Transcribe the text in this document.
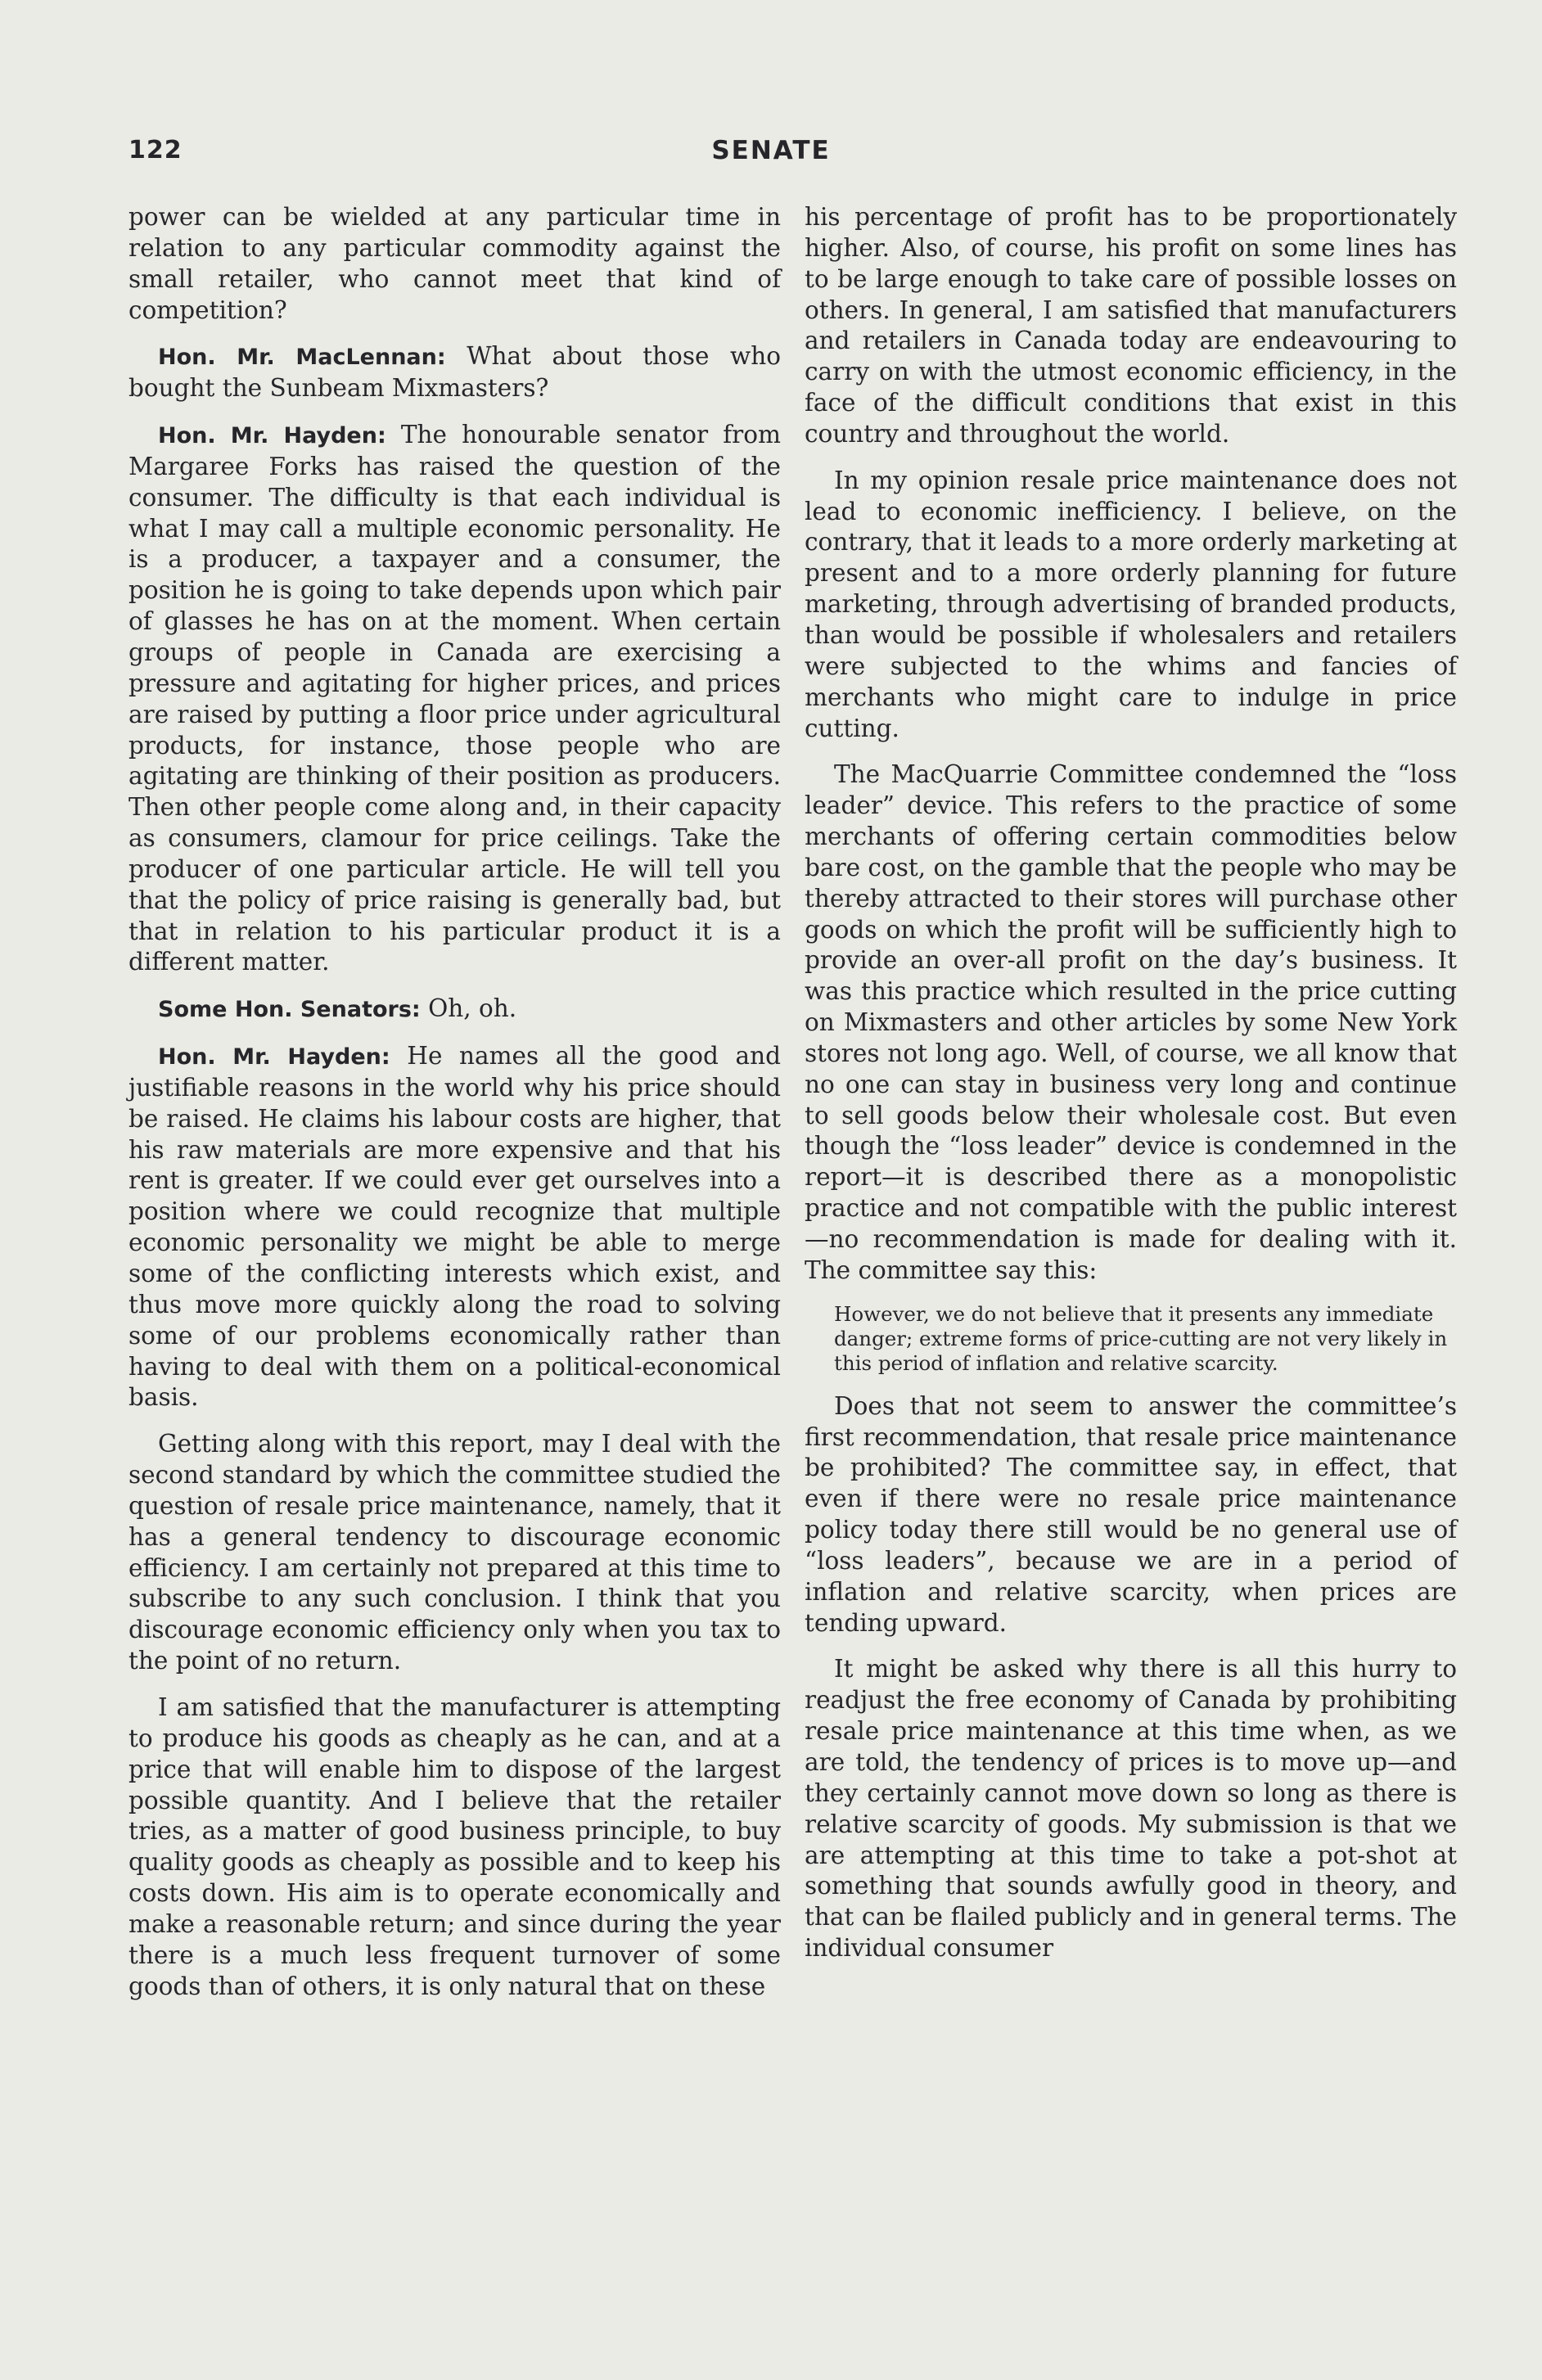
122	SENATE

power can be wielded at any particular time in relation to any particular commodity against the small retailer, who cannot meet that kind of competition?

Hon. Mr. MacLennan: What about those who bought the Sunbeam Mixmasters?

Hon. Mr. Hayden: The honourable senator from Margaree Forks has raised the question of the consumer. The difficulty is that each individual is what I may call a multiple economic personality. He is a producer, a taxpayer and a consumer, the position he is going to take depends upon which pair of glasses he has on at the moment. When certain groups of people in Canada are exercising a pressure and agitating for higher prices, and prices are raised by putting a floor price under agricultural products, for instance, those people who are agitating are thinking of their position as producers. Then other people come along and, in their capacity as consumers, clamour for price ceilings. Take the producer of one particular article. He will tell you that the policy of price raising is generally bad, but that in relation to his particular product it is a different matter.

Some Hon. Senators: Oh, oh.

Hon. Mr. Hayden: He names all the good and justifiable reasons in the world why his price should be raised. He claims his labour costs are higher, that his raw materials are more expensive and that his rent is greater. If we could ever get ourselves into a position where we could recognize that multiple economic personality we might be able to merge some of the conflicting interests which exist, and thus move more quickly along the road to solving some of our problems economically rather than having to deal with them on a political-economical basis.

Getting along with this report, may I deal with the second standard by which the committee studied the question of resale price maintenance, namely, that it has a general tendency to discourage economic efficiency. I am certainly not prepared at this time to subscribe to any such conclusion. I think that you discourage economic efficiency only when you tax to the point of no return.

I am satisfied that the manufacturer is attempting to produce his goods as cheaply as he can, and at a price that will enable him to dispose of the largest possible quantity. And I believe that the retailer tries, as a matter of good business principle, to buy quality goods as cheaply as possible and to keep his costs down. His aim is to operate economically and make a reasonable return; and since during the year there is a much less frequent turnover of some goods than of others, it is only natural that on these

his percentage of profit has to be proportionately higher. Also, of course, his profit on some lines has to be large enough to take care of possible losses on others. In general, I am satisfied that manufacturers and retailers in Canada today are endeavouring to carry on with the utmost economic efficiency, in the face of the difficult conditions that exist in this country and throughout the world.

In my opinion resale price maintenance does not lead to economic inefficiency. I believe, on the contrary, that it leads to a more orderly marketing at present and to a more orderly planning for future marketing, through advertising of branded products, than would be possible if wholesalers and retailers were subjected to the whims and fancies of merchants who might care to indulge in price cutting.

The MacQuarrie Committee condemned the “loss leader” device. This refers to the practice of some merchants of offering certain commodities below bare cost, on the gamble that the people who may be thereby attracted to their stores will purchase other goods on which the profit will be sufficiently high to provide an over-all profit on the day’s business. It was this practice which resulted in the price cutting on Mixmasters and other articles by some New York stores not long ago. Well, of course, we all know that no one can stay in business very long and continue to sell goods below their wholesale cost. But even though the “loss leader” device is condemned in the report—it is described there as a monopolistic practice and not compatible with the public interest—no recommendation is made for dealing with it. The committee say this:

However, we do not believe that it presents any immediate danger; extreme forms of price-cutting are not very likely in this period of inflation and relative scarcity.

Does that not seem to answer the committee’s first recommendation, that resale price maintenance be prohibited? The committee say, in effect, that even if there were no resale price maintenance policy today there still would be no general use of “loss leaders”, because we are in a period of inflation and relative scarcity, when prices are tending upward.

It might be asked why there is all this hurry to readjust the free economy of Canada by prohibiting resale price maintenance at this time when, as we are told, the tendency of prices is to move up—and they certainly cannot move down so long as there is relative scarcity of goods. My submission is that we are attempting at this time to take a pot-shot at something that sounds awfully good in theory, and that can be flailed publicly and in general terms. The individual consumer
